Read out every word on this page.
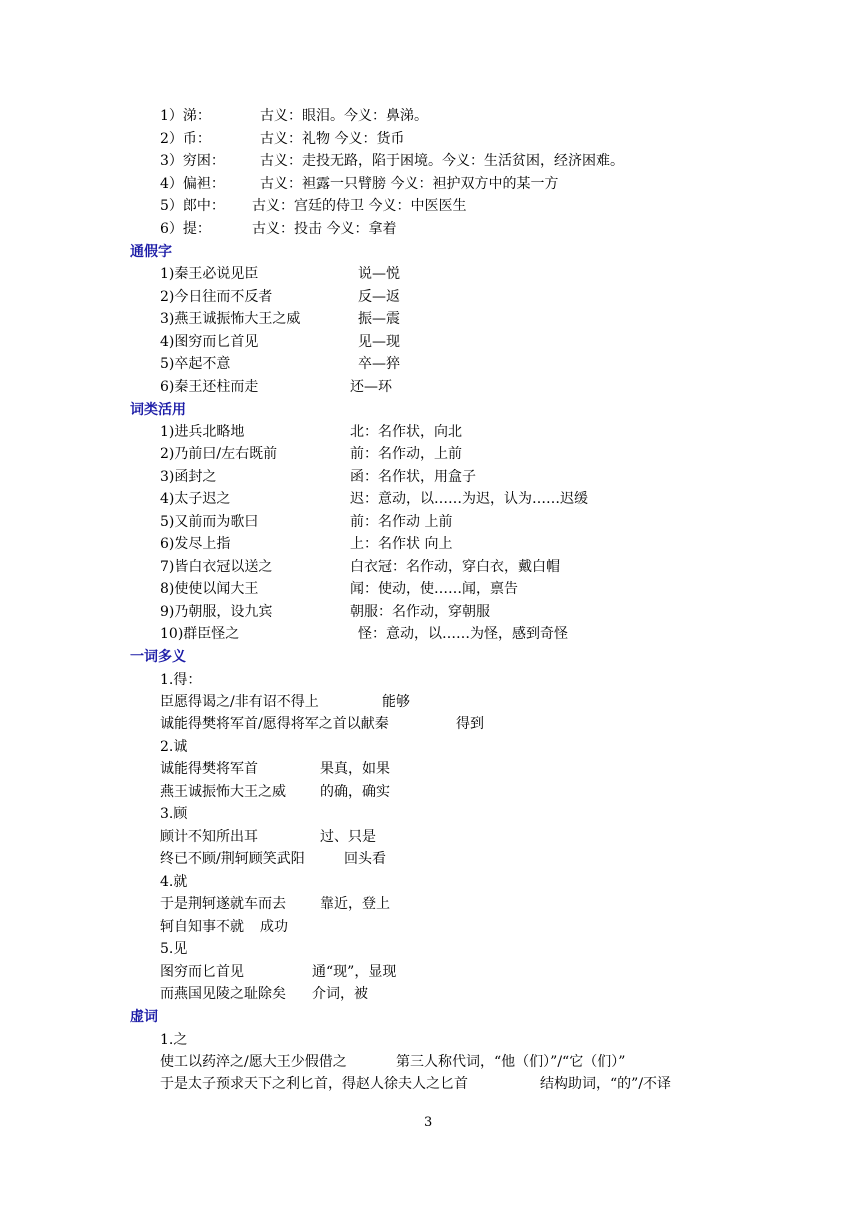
1）涕：	古义：眼泪。今义：鼻涕。
2）币：	古义：礼物 今义：货币
3）穷困：	古义：走投无路，陷于困境。今义：生活贫困，经济困难。
4）偏袒：	古义：袒露一只臂膀 今义：袒护双方中的某一方
5）郎中： 古义：宫廷的侍卫 今义：中医医生
6）提：	古义：投击 今义：拿着
通假字
1)秦王必说见臣	说—悦
2)今日往而不反者	反—返
3)燕王诚振怖大王之威	振—震
4)图穷而匕首见	见—现
5)卒起不意	卒—猝
6)秦王还柱而走	还—环
词类活用
1)进兵北略地	北：名作状，向北
2)乃前曰/左右既前	前：名作动，上前
3)函封之	函：名作状，用盒子
4)太子迟之	迟：意动，以……为迟，认为……迟缓
5)又前而为歌曰	前：名作动 上前
6)发尽上指	上：名作状 向上
7)皆白衣冠以送之	白衣冠：名作动，穿白衣，戴白帽
8)使使以闻大王	闻：使动，使……闻，禀告
9)乃朝服，设九宾	朝服：名作动，穿朝服
10)群臣怪之	怪：意动，以……为怪，感到奇怪
一词多义
1.得：
臣愿得谒之/非有诏不得上	能够
诚能得樊将军首/愿得将军之首以献秦	得到
2.诚
诚能得樊将军首	果真，如果
燕王诚振怖大王之威 的确，确实
3.顾
顾计不知所出耳	过、只是
终已不顾/荆轲顾笑武阳	回头看
4.就
于是荆轲遂就车而去 靠近，登上
轲自知事不就 成功
5.见
图穷而匕首见	通“现”，显现
而燕国见陵之耻除矣 介词，被
虚词
1.之
使工以药淬之/愿大王少假借之	第三人称代词，“他（们）”/“它（们）”
于是太子预求天下之利匕首，得赵人徐夫人之匕首	结构助词，“的”/不译
3
